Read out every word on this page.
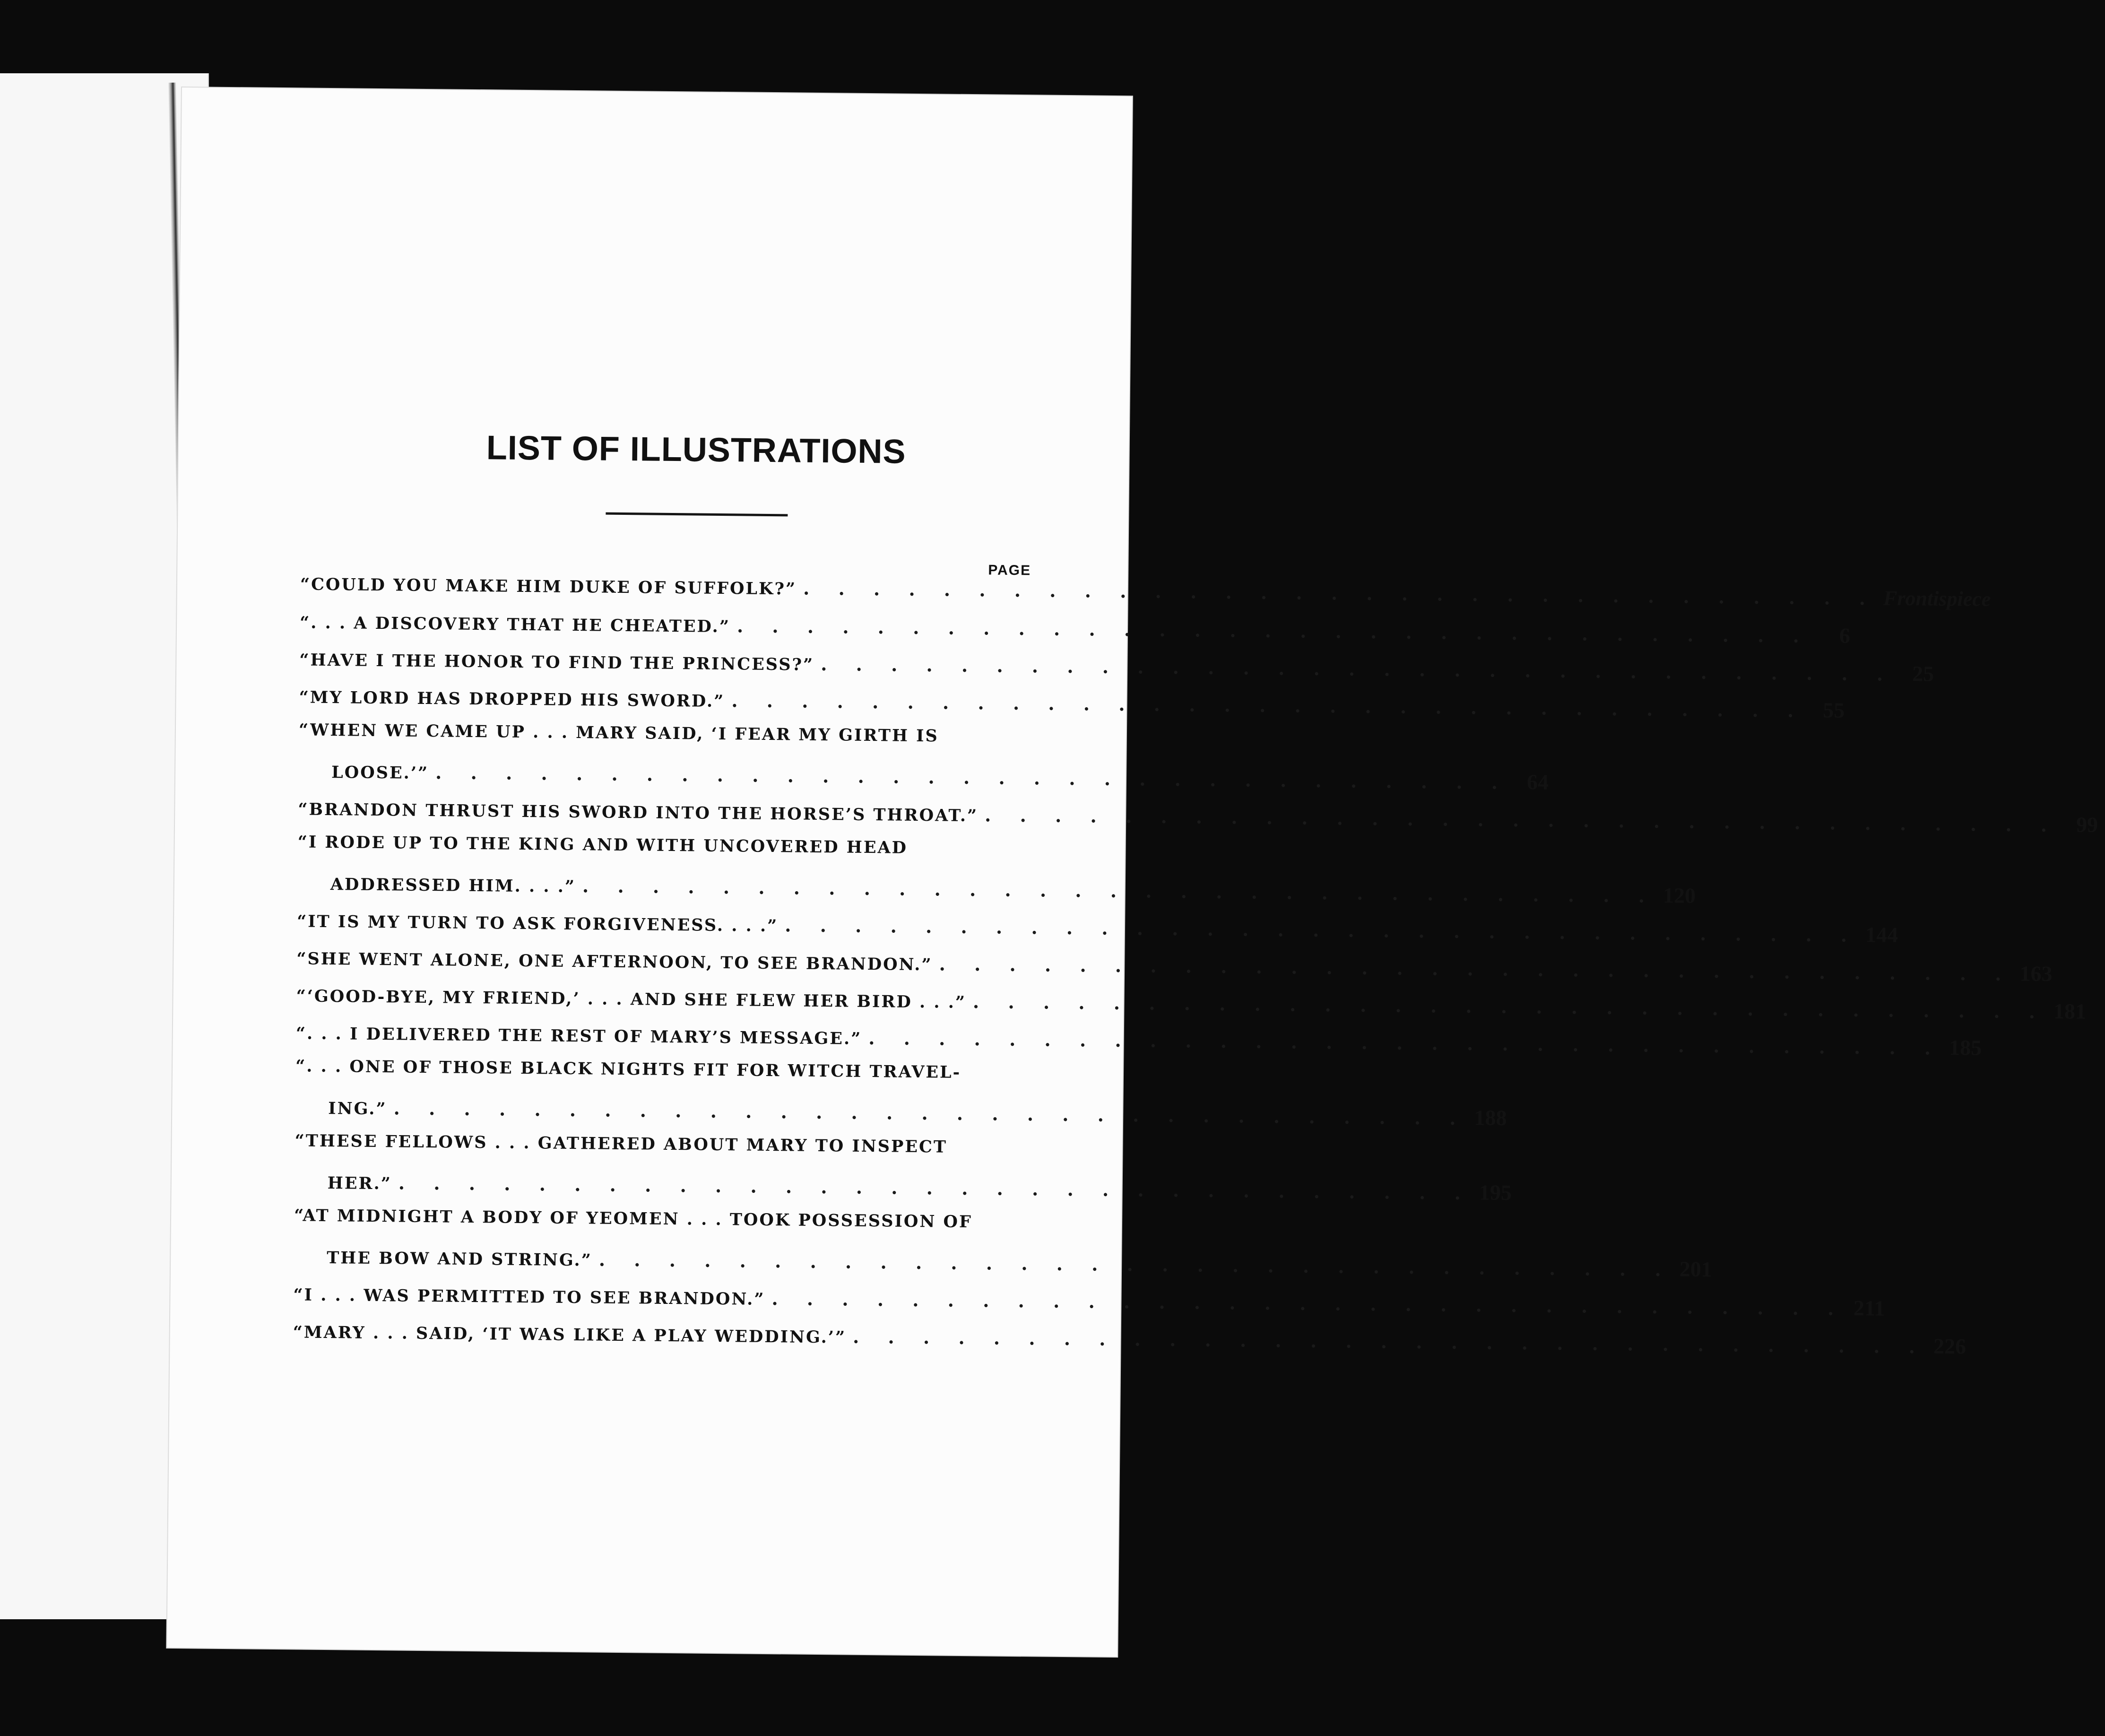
LIST OF ILLUSTRATIONS
PAGE
“COULD YOU MAKE HIM DUKE OF SUFFOLK?” . . . . . . . . . . . . . . . . . . . . . . . . . . . . . . . Frontispiece
“. . . A DISCOVERY THAT HE CHEATED.” . . . . . . . . . . . . . . . . . . . . . . . . . . . . . . .	6
“HAVE I THE HONOR TO FIND THE PRINCESS?” . . . . . . . . . . . . . . . . . . . . . . . . . . . . . . . 25
“MY LORD HAS DROPPED HIS SWORD.” . . . . . . . . . . . . . . . . . . . . . . . . . . . . . . . 55
“WHEN WE CAME UP . . . MARY SAID, ‘I FEAR MY GIRTH IS
LOOSE.’” . . . . . . . . . . . . . . . . . . . . . . . . . . . . . . . 64
“BRANDON THRUST HIS SWORD INTO THE HORSE’S THROAT.” . . . . . . . . . . . . . . . . . . . . . . . . . . . . . . . 99
“I RODE UP TO THE KING AND WITH UNCOVERED HEAD
ADDRESSED HIM. . . .” . . . . . . . . . . . . . . . . . . . . . . . . . . . . . . . 120
“IT IS MY TURN TO ASK FORGIVENESS. . . .” . . . . . . . . . . . . . . . . . . . . . . . . . . . . . . . 144
“SHE WENT ALONE, ONE AFTERNOON, TO SEE BRANDON.” . . . . . . . . . . . . . . . . . . . . . . . . . . . . . . . 163
“‘GOOD-BYE, MY FRIEND,’ . . . AND SHE FLEW HER BIRD . . .” . . . . . . . . . . . . . . . . . . . . . . . . . . . . . . . 181
“. . . I DELIVERED THE REST OF MARY’S MESSAGE.” . . . . . . . . . . . . . . . . . . . . . . . . . . . . . . . 185
“. . . ONE OF THOSE BLACK NIGHTS FIT FOR WITCH TRAVEL-
ING.” . . . . . . . . . . . . . . . . . . . . . . . . . . . . . . . 188
“THESE FELLOWS . . . GATHERED ABOUT MARY TO INSPECT
HER.” . . . . . . . . . . . . . . . . . . . . . . . . . . . . . . . 195
“AT MIDNIGHT A BODY OF YEOMEN . . . TOOK POSSESSION OF
THE BOW AND STRING.” . . . . . . . . . . . . . . . . . . . . . . . . . . . . . . . 201
“I . . . WAS PERMITTED TO SEE BRANDON.” . . . . . . . . . . . . . . . . . . . . . . . . . . . . . . . 211
“MARY . . . SAID, ‘IT WAS LIKE A PLAY WEDDING.’” . . . . . . . . . . . . . . . . . . . . . . . . . . . . . . . 226
